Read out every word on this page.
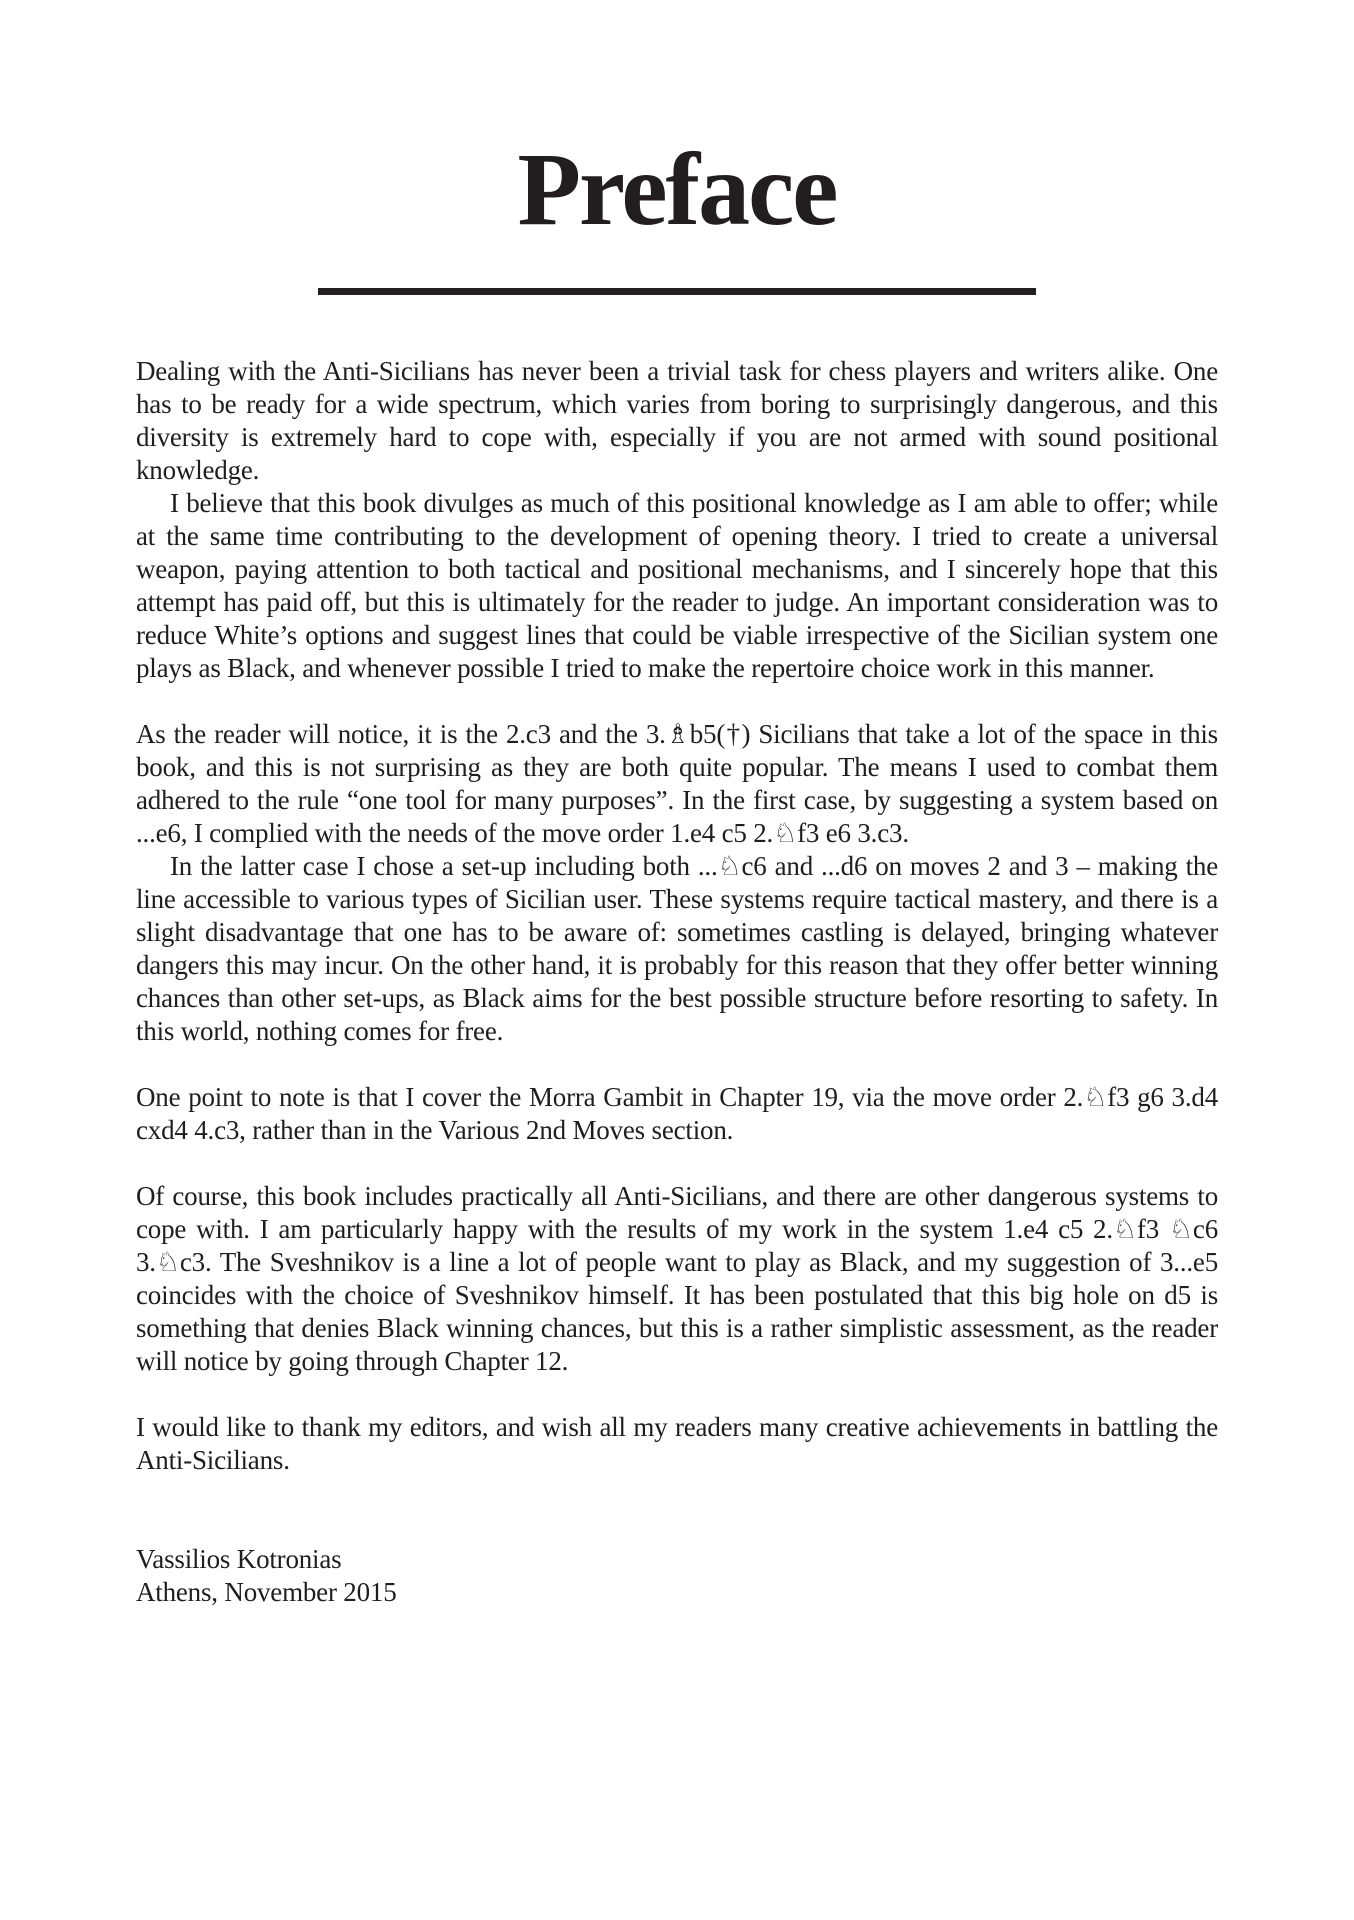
Preface

Dealing with the Anti-Sicilians has never been a trivial task for chess players and writers alike. One has to be ready for a wide spectrum, which varies from boring to surprisingly dangerous, and this diversity is extremely hard to cope with, especially if you are not armed with sound positional knowledge.

I believe that this book divulges as much of this positional knowledge as I am able to offer; while at the same time contributing to the development of opening theory. I tried to create a universal weapon, paying attention to both tactical and positional mechanisms, and I sincerely hope that this attempt has paid off, but this is ultimately for the reader to judge. An important consideration was to reduce White’s options and suggest lines that could be viable irrespective of the Sicilian system one plays as Black, and whenever possible I tried to make the repertoire choice work in this manner.

As the reader will notice, it is the 2.c3 and the 3.♗b5(†) Sicilians that take a lot of the space in this book, and this is not surprising as they are both quite popular. The means I used to combat them adhered to the rule “one tool for many purposes”. In the first case, by suggesting a system based on ...e6, I complied with the needs of the move order 1.e4 c5 2.♘f3 e6 3.c3.

In the latter case I chose a set-up including both ...♘c6 and ...d6 on moves 2 and 3 – making the line accessible to various types of Sicilian user. These systems require tactical mastery, and there is a slight disadvantage that one has to be aware of: sometimes castling is delayed, bringing whatever dangers this may incur. On the other hand, it is probably for this reason that they offer better winning chances than other set-ups, as Black aims for the best possible structure before resorting to safety. In this world, nothing comes for free.

One point to note is that I cover the Morra Gambit in Chapter 19, via the move order 2.♘f3 g6 3.d4 cxd4 4.c3, rather than in the Various 2nd Moves section.

Of course, this book includes practically all Anti-Sicilians, and there are other dangerous systems to cope with. I am particularly happy with the results of my work in the system 1.e4 c5 2.♘f3 ♘c6 3.♘c3. The Sveshnikov is a line a lot of people want to play as Black, and my suggestion of 3...e5 coincides with the choice of Sveshnikov himself. It has been postulated that this big hole on d5 is something that denies Black winning chances, but this is a rather simplistic assessment, as the reader will notice by going through Chapter 12.

I would like to thank my editors, and wish all my readers many creative achievements in battling the Anti-Sicilians.

Vassilios Kotronias

Athens, November 2015
